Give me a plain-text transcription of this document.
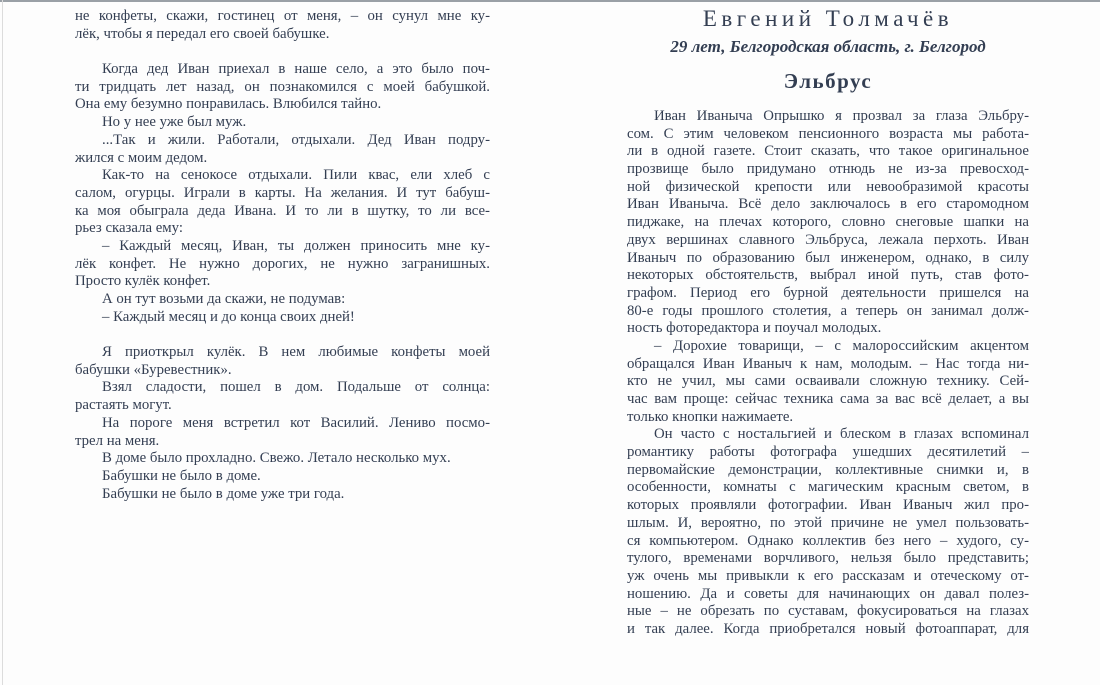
не конфеты, скажи, гостинец от меня, – он сунул мне ку-
лёк, чтобы я передал его своей бабушке.
Когда дед Иван приехал в наше село, а это было поч-
ти тридцать лет назад, он познакомился с моей бабушкой.
Она ему безумно понравилась. Влюбился тайно.
Но у нее уже был муж.
...Так и жили. Работали, отдыхали. Дед Иван подру-
жился с моим дедом.
Как-то на сенокосе отдыхали. Пили квас, ели хлеб с
салом, огурцы. Играли в карты. На желания. И тут бабуш-
ка моя обыграла деда Ивана. И то ли в шутку, то ли все-
рьез сказала ему:
– Каждый месяц, Иван, ты должен приносить мне ку-
лёк конфет. Не нужно дорогих, не нужно загранишных.
Просто кулёк конфет.
А он тут возьми да скажи, не подумав:
– Каждый месяц и до конца своих дней!
Я приоткрыл кулёк. В нем любимые конфеты моей
бабушки «Буревестник».
Взял сладости, пошел в дом. Подальше от солнца:
растаять могут.
На пороге меня встретил кот Василий. Лениво посмо-
трел на меня.
В доме было прохладно. Свежо. Летало несколько мух.
Бабушки не было в доме.
Бабушки не было в доме уже три года.
Евгений Толмачёв
29 лет, Белгородская область, г. Белгород
Эльбрус
Иван Иваныча Опрышко я прозвал за глаза Эльбру-
сом. С этим человеком пенсионного возраста мы работа-
ли в одной газете. Стоит сказать, что такое оригинальное
прозвище было придумано отнюдь не из-за превосход-
ной физической крепости или невообразимой красоты
Иван Иваныча. Всё дело заключалось в его старомодном
пиджаке, на плечах которого, словно снеговые шапки на
двух вершинах славного Эльбруса, лежала перхоть. Иван
Иваныч по образованию был инженером, однако, в силу
некоторых обстоятельств, выбрал иной путь, став фото-
графом. Период его бурной деятельности пришелся на
80-е годы прошлого столетия, а теперь он занимал долж-
ность фоторедактора и поучал молодых.
– Дорохие товарищи, – с малороссийским акцентом
обращался Иван Иваныч к нам, молодым. – Нас тогда ни-
кто не учил, мы сами осваивали сложную технику. Сей-
час вам проще: сейчас техника сама за вас всё делает, а вы
только кнопки нажимаете.
Он часто с ностальгией и блеском в глазах вспоминал
романтику работы фотографа ушедших десятилетий –
первомайские демонстрации, коллективные снимки и, в
особенности, комнаты с магическим красным светом, в
которых проявляли фотографии. Иван Иваныч жил про-
шлым. И, вероятно, по этой причине не умел пользовать-
ся компьютером. Однако коллектив без него – худого, су-
тулого, временами ворчливого, нельзя было представить;
уж очень мы привыкли к его рассказам и отеческому от-
ношению. Да и советы для начинающих он давал полез-
ные – не обрезать по суставам, фокусироваться на глазах
и так далее. Когда приобретался новый фотоаппарат, для
